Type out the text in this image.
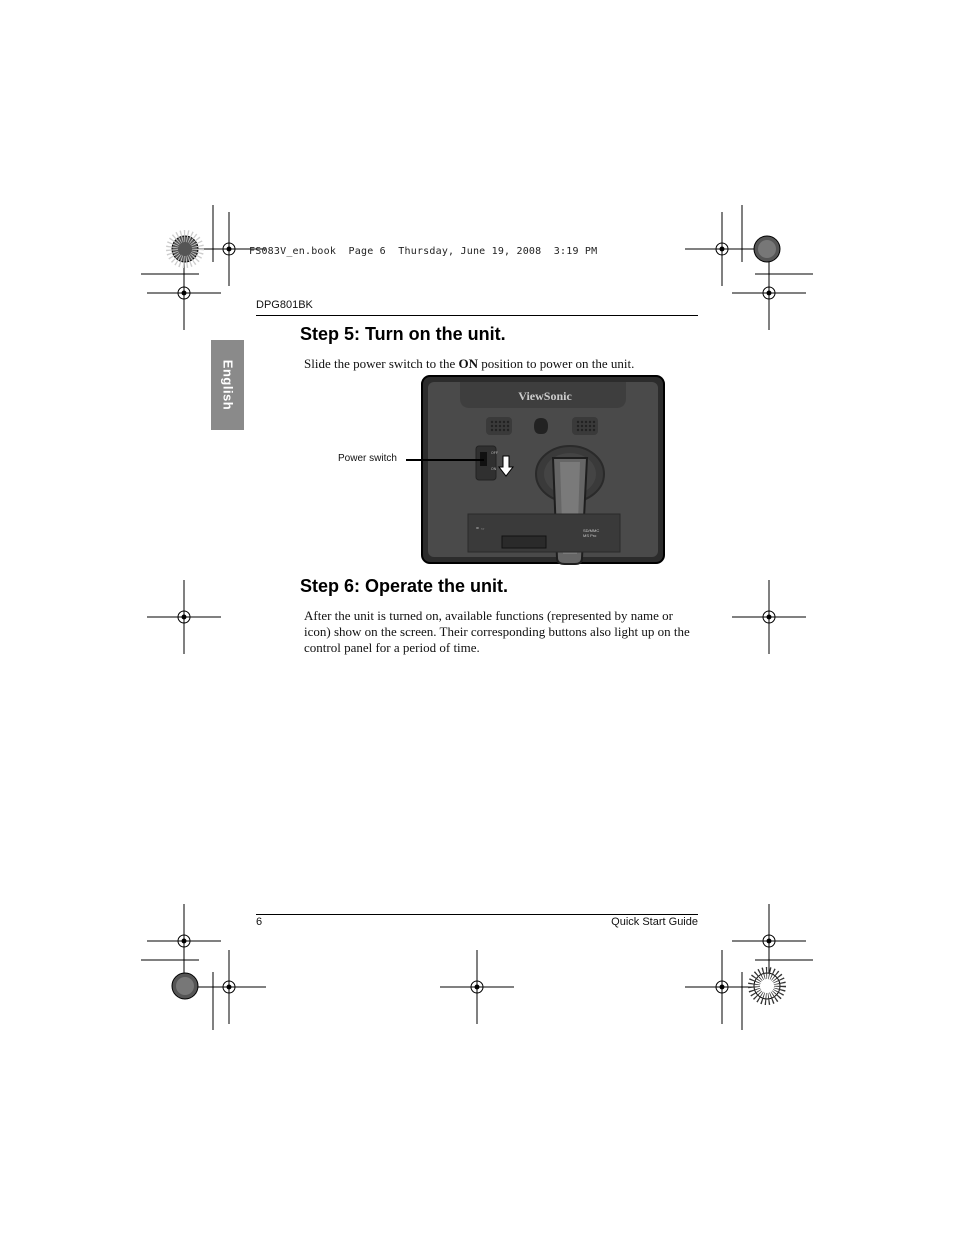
FS083V_en.book  Page 6  Thursday, June 19, 2008  3:19 PM
DPG801BK
English
Step 5: Turn on the unit.
Slide the power switch to the ON position to power on the unit.
ViewSonic
OFF
ON
= ⇔	SD/MMC
MS Pro
Power switch
Step 6: Operate the unit.
After the unit is turned on, available functions (represented by name or icon) show on the screen. Their corresponding buttons also light up on the control panel for a period of time.
6	Quick Start Guide
